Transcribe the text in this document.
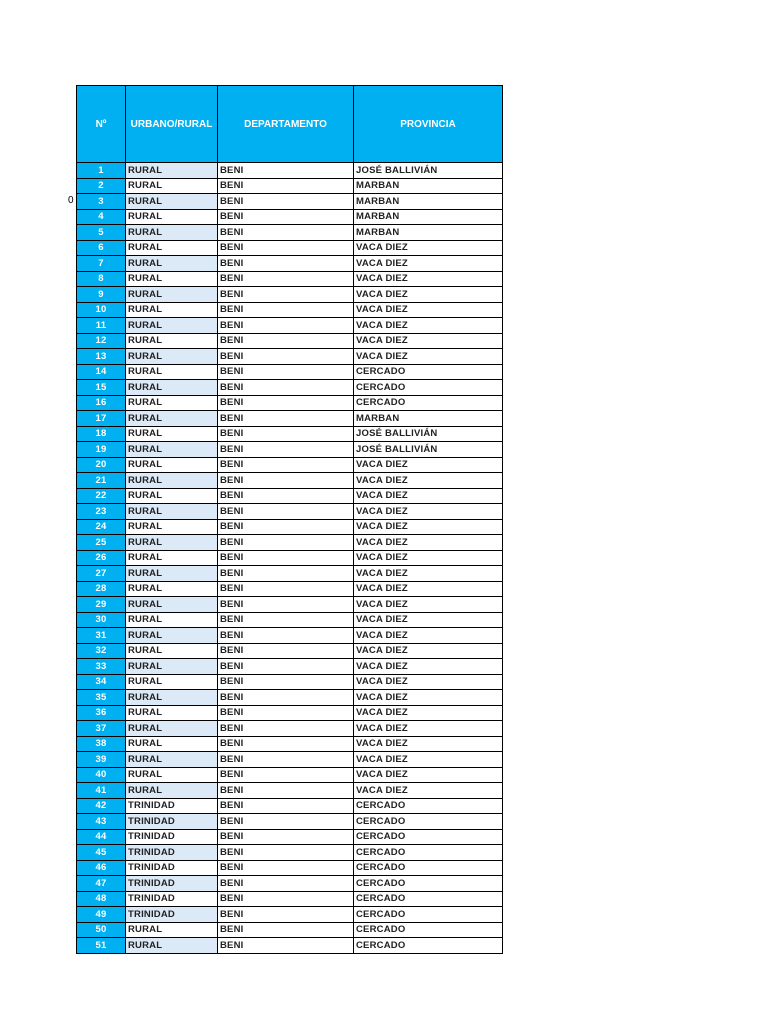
0
Nº	URBANO/RURAL	DEPARTAMENTO	PROVINCIA
1	RURAL	BENI	JOSÉ BALLIVIÁN
2	RURAL	BENI	MARBAN
3	RURAL	BENI	MARBAN
4	RURAL	BENI	MARBAN
5	RURAL	BENI	MARBAN
6	RURAL	BENI	VACA DIEZ
7	RURAL	BENI	VACA DIEZ
8	RURAL	BENI	VACA DIEZ
9	RURAL	BENI	VACA DIEZ
10	RURAL	BENI	VACA DIEZ
11	RURAL	BENI	VACA DIEZ
12	RURAL	BENI	VACA DIEZ
13	RURAL	BENI	VACA DIEZ
14	RURAL	BENI	CERCADO
15	RURAL	BENI	CERCADO
16	RURAL	BENI	CERCADO
17	RURAL	BENI	MARBAN
18	RURAL	BENI	JOSÉ BALLIVIÁN
19	RURAL	BENI	JOSÉ BALLIVIÁN
20	RURAL	BENI	VACA DIEZ
21	RURAL	BENI	VACA DIEZ
22	RURAL	BENI	VACA DIEZ
23	RURAL	BENI	VACA DIEZ
24	RURAL	BENI	VACA DIEZ
25	RURAL	BENI	VACA DIEZ
26	RURAL	BENI	VACA DIEZ
27	RURAL	BENI	VACA DIEZ
28	RURAL	BENI	VACA DIEZ
29	RURAL	BENI	VACA DIEZ
30	RURAL	BENI	VACA DIEZ
31	RURAL	BENI	VACA DIEZ
32	RURAL	BENI	VACA DIEZ
33	RURAL	BENI	VACA DIEZ
34	RURAL	BENI	VACA DIEZ
35	RURAL	BENI	VACA DIEZ
36	RURAL	BENI	VACA DIEZ
37	RURAL	BENI	VACA DIEZ
38	RURAL	BENI	VACA DIEZ
39	RURAL	BENI	VACA DIEZ
40	RURAL	BENI	VACA DIEZ
41	RURAL	BENI	VACA DIEZ
42	TRINIDAD	BENI	CERCADO
43	TRINIDAD	BENI	CERCADO
44	TRINIDAD	BENI	CERCADO
45	TRINIDAD	BENI	CERCADO
46	TRINIDAD	BENI	CERCADO
47	TRINIDAD	BENI	CERCADO
48	TRINIDAD	BENI	CERCADO
49	TRINIDAD	BENI	CERCADO
50	RURAL	BENI	CERCADO
51	RURAL	BENI	CERCADO
